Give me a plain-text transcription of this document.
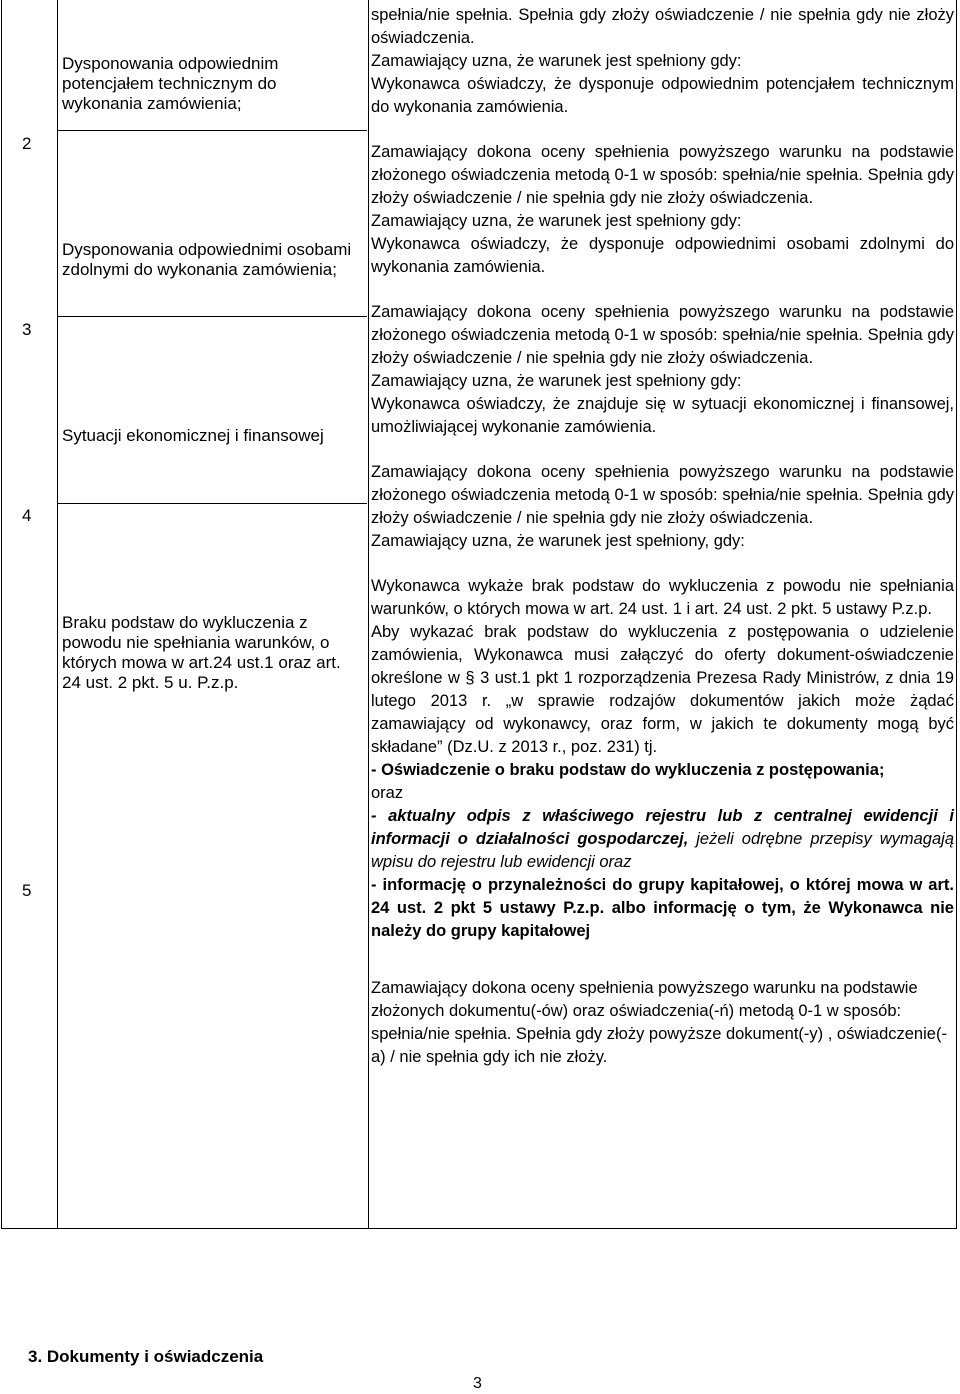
2
3
4
5
Dysponowania odpowiednim potencjałem technicznym do wykonania zamówienia;
Dysponowania odpowiednimi osobami zdolnymi do wykonania zamówienia;
Sytuacji ekonomicznej i finansowej
Braku podstaw do wykluczenia z powodu nie spełniania warunków, o których mowa w art.24 ust.1 oraz art. 24 ust. 2 pkt. 5 u. P.z.p.

spełnia/nie spełnia. Spełnia gdy złoży oświadczenie / nie spełnia gdy nie złoży oświadczenia.

Zamawiający uzna, że warunek jest spełniony gdy:

Wykonawca oświadczy, że dysponuje odpowiednim potencjałem technicznym do wykonania zamówienia.

Zamawiający dokona oceny spełnienia powyższego warunku na podstawie złożonego oświadczenia metodą 0-1 w sposób: spełnia/nie spełnia. Spełnia gdy złoży oświadczenie / nie spełnia gdy nie złoży oświadczenia.

Zamawiający uzna, że warunek jest spełniony gdy:

Wykonawca oświadczy, że dysponuje odpowiednimi osobami zdolnymi do wykonania zamówienia.

Zamawiający dokona oceny spełnienia powyższego warunku na podstawie złożonego oświadczenia metodą 0-1 w sposób: spełnia/nie spełnia. Spełnia gdy złoży oświadczenie / nie spełnia gdy nie złoży oświadczenia.

Zamawiający uzna, że warunek jest spełniony gdy:

Wykonawca oświadczy, że znajduje się w sytuacji ekonomicznej i finansowej, umożliwiającej wykonanie zamówienia.

Zamawiający dokona oceny spełnienia powyższego warunku na podstawie złożonego oświadczenia metodą 0-1 w sposób: spełnia/nie spełnia. Spełnia gdy złoży oświadczenie / nie spełnia gdy nie złoży oświadczenia.

Zamawiający uzna, że warunek jest spełniony, gdy:

Wykonawca wykaże brak podstaw do wykluczenia z powodu nie spełniania warunków, o których mowa w art. 24 ust. 1 i art. 24 ust. 2 pkt. 5 ustawy P.z.p.

Aby wykazać brak podstaw do wykluczenia z postępowania o udzielenie zamówienia, Wykonawca musi załączyć do oferty dokument-oświadczenie określone w § 3 ust.1 pkt 1 rozporządzenia Prezesa Rady Ministrów, z dnia 19 lutego 2013 r. „w sprawie rodzajów dokumentów jakich może żądać zamawiający od wykonawcy, oraz form, w jakich te dokumenty mogą być składane” (Dz.U. z 2013 r., poz. 231) tj.

- Oświadczenie o braku podstaw do wykluczenia z postępowania;

oraz

- aktualny odpis z właściwego rejestru lub z centralnej ewidencji i informacji o działalności gospodarczej, jeżeli odrębne przepisy wymagają wpisu do rejestru lub ewidencji oraz

- informację o przynależności do grupy kapitałowej, o której mowa w art. 24 ust. 2 pkt 5 ustawy P.z.p. albo informację o tym, że Wykonawca nie należy do grupy kapitałowej

Zamawiający dokona oceny spełnienia powyższego warunku na podstawie złożonych dokumentu(-ów) oraz oświadczenia(-ń) metodą 0-1 w sposób: spełnia/nie spełnia. Spełnia gdy złoży powyższe dokument(-y) , oświadczenie(-a) / nie spełnia gdy ich nie złoży.

3. Dokumenty i oświadczenia
3
